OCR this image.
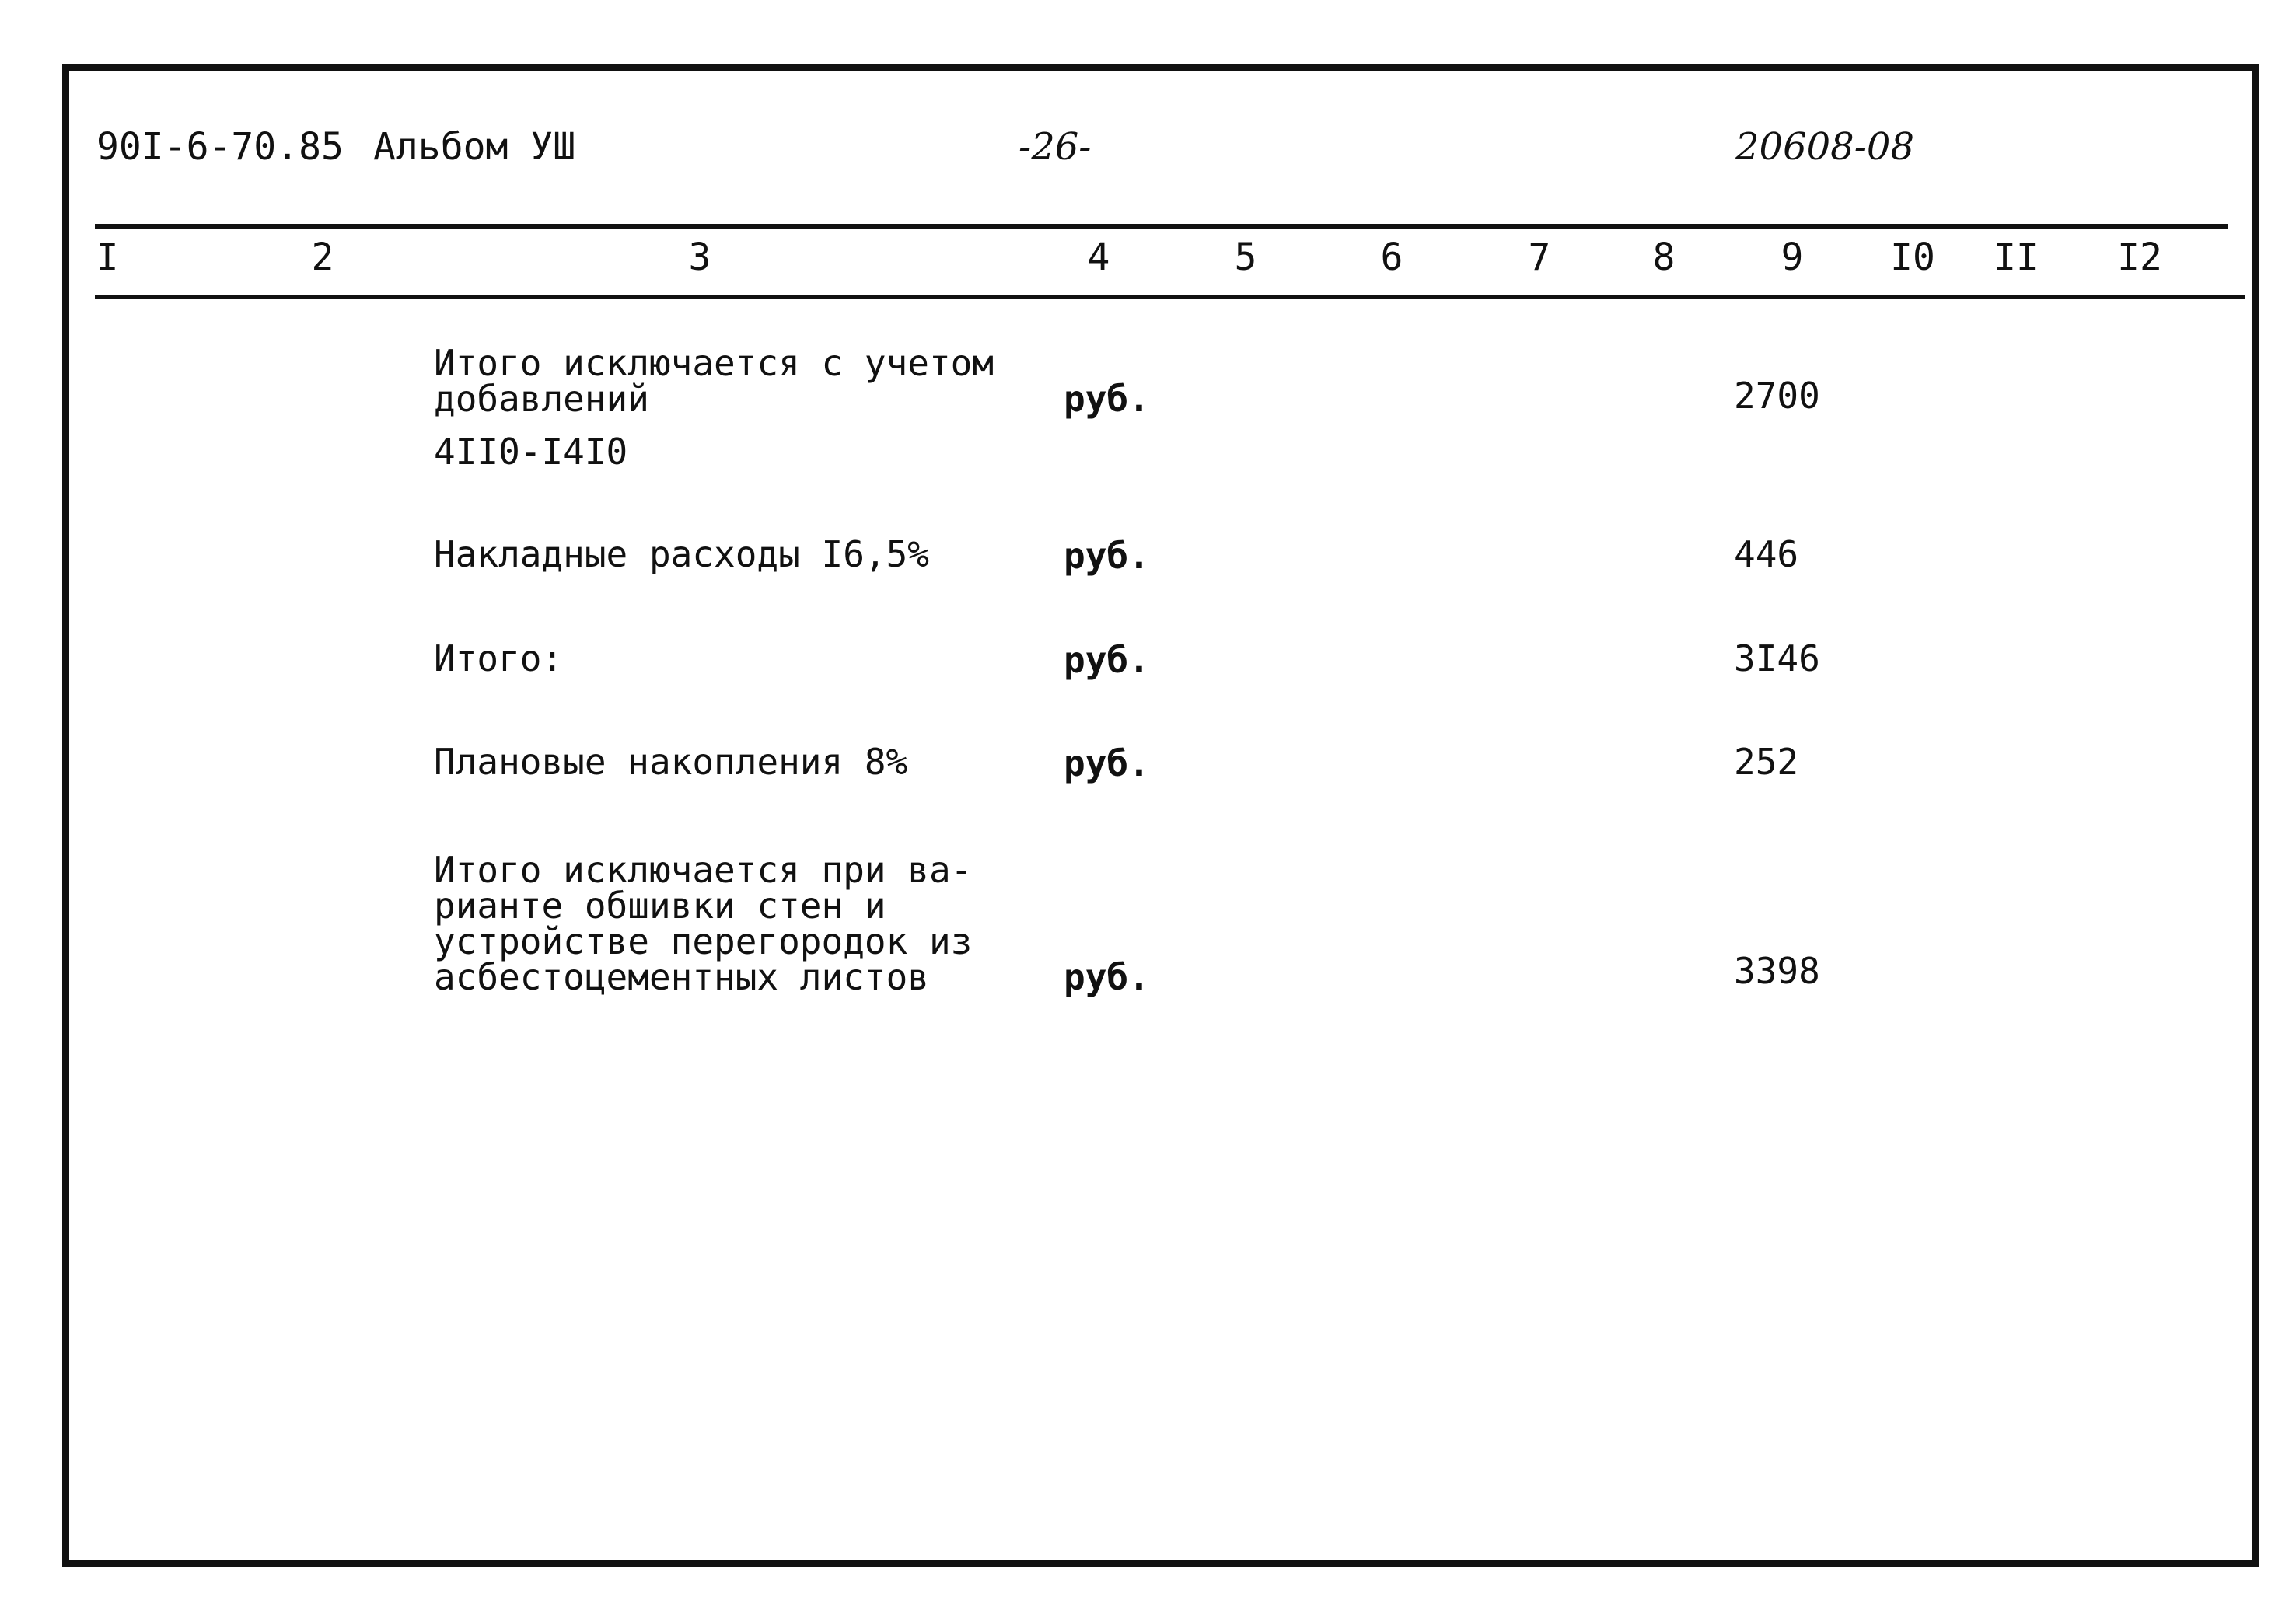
90I-6-70.85 Альбом УШ	-26-	20608-08
I	2	3	4	5	6	7	8	9 I0 II I2
Итого исключается с учетом
добавлений
4II0-I4I0
руб.	2700
Накладные расходы I6,5%	руб.	446
Итого:	руб.	3I46
Плановые накопления 8%	руб.	252
Итого исключается при ва-
рианте обшивки стен и
устройстве перегородок из
асбестоцементных листов	руб.	3398
